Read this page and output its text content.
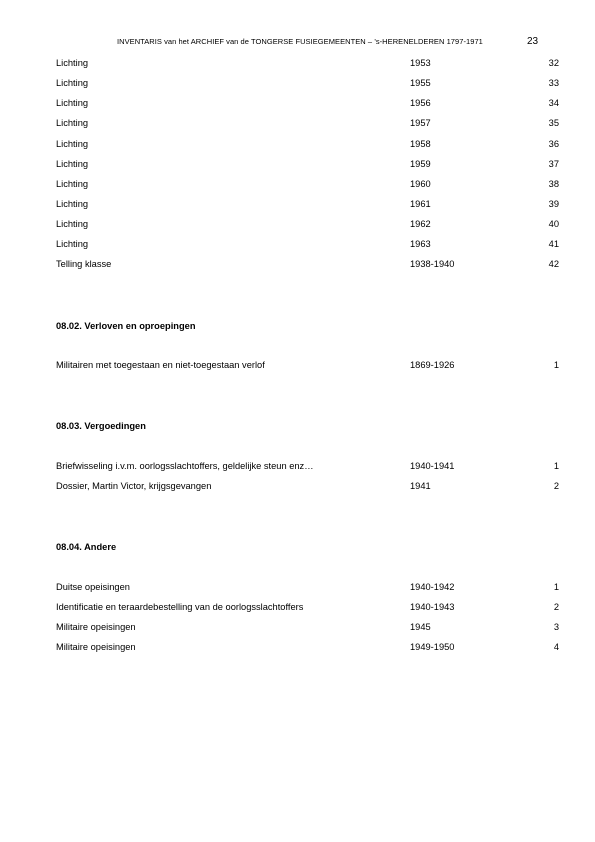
INVENTARIS van het ARCHIEF van de TONGERSE FUSIEGEMEENTEN – ’s-HERENELDEREN 1797-1971	23
Lichting	1953	32
Lichting	1955	33
Lichting	1956	34
Lichting	1957	35
Lichting	1958	36
Lichting	1959	37
Lichting	1960	38
Lichting	1961	39
Lichting	1962	40
Lichting	1963	41
Telling klasse	1938-1940	42
08.02. Verloven en oproepingen
Militairen met toegestaan en niet-toegestaan verlof	1869-1926	1
08.03. Vergoedingen
Briefwisseling i.v.m. oorlogsslachtoffers, geldelijke steun enz…	1940-1941	1
Dossier, Martin Victor, krijgsgevangen	1941	2
08.04. Andere
Duitse opeisingen	1940-1942	1
Identificatie en teraardebestelling van de oorlogsslachtoffers	1940-1943	2
Militaire opeisingen	1945	3
Militaire opeisingen	1949-1950	4
